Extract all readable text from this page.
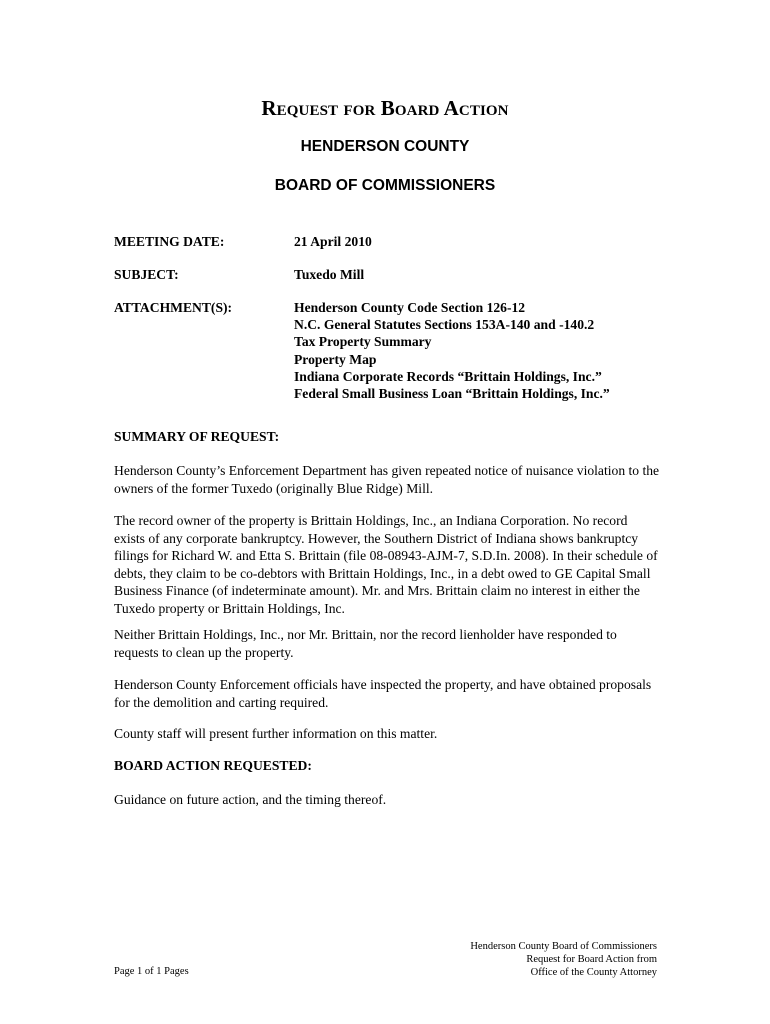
Request for Board Action
HENDERSON COUNTY
BOARD OF COMMISSIONERS
MEETING DATE:	21 April 2010
SUBJECT:	Tuxedo Mill
ATTACHMENT(S):	Henderson County Code Section 126-12
N.C. General Statutes Sections 153A-140 and -140.2
Tax Property Summary
Property Map
Indiana Corporate Records “Brittain Holdings, Inc.”
Federal Small Business Loan “Brittain Holdings, Inc.”
SUMMARY OF REQUEST:
Henderson County’s Enforcement Department has given repeated notice of nuisance violation to the owners of the former Tuxedo (originally Blue Ridge) Mill.
The record owner of the property is Brittain Holdings, Inc., an Indiana Corporation. No record exists of any corporate bankruptcy. However, the Southern District of Indiana shows bankruptcy filings for Richard W. and Etta S. Brittain (file 08-08943-AJM-7, S.D.In. 2008). In their schedule of debts, they claim to be co-debtors with Brittain Holdings, Inc., in a debt owed to GE Capital Small Business Finance (of indeterminate amount). Mr. and Mrs. Brittain claim no interest in either the Tuxedo property or Brittain Holdings, Inc.
Neither Brittain Holdings, Inc., nor Mr. Brittain, nor the record lienholder have responded to requests to clean up the property.
Henderson County Enforcement officials have inspected the property, and have obtained proposals for the demolition and carting required.
County staff will present further information on this matter.
BOARD ACTION REQUESTED:
Guidance on future action, and the timing thereof.
Page 1 of 1 Pages
Henderson County Board of Commissioners
Request for Board Action from
Office of the County Attorney
